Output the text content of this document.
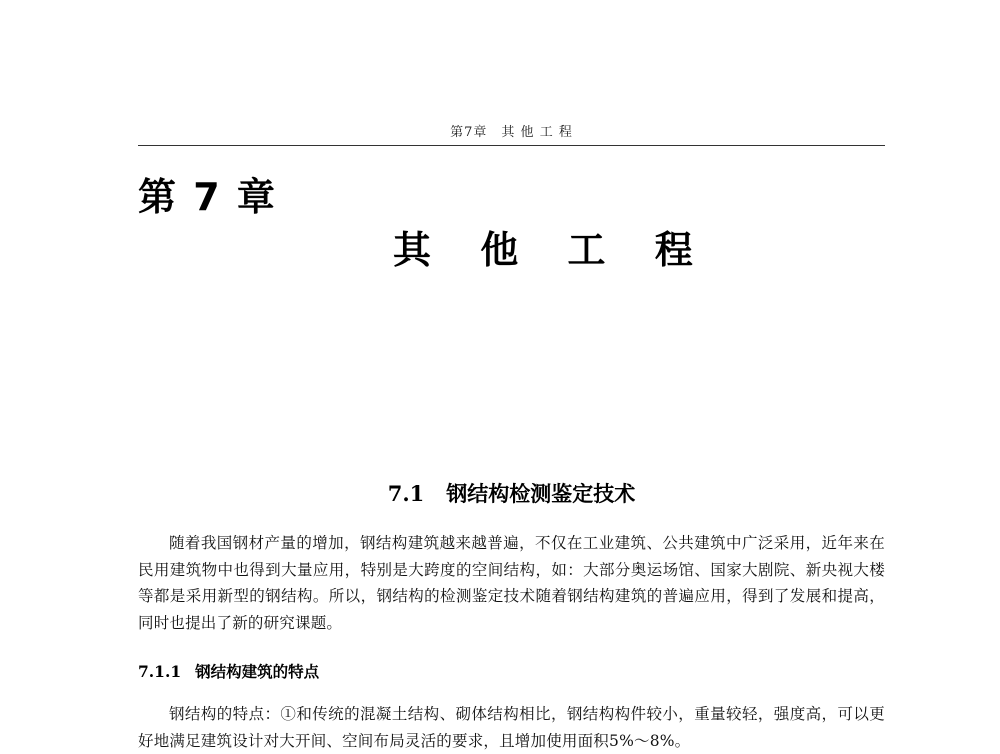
第7章　其 他 工 程
第 7 章
其 他 工 程
7.1 钢结构检测鉴定技术

随着我国钢材产量的增加，钢结构建筑越来越普遍，不仅在工业建筑、公共建筑中广泛采用，近年来在民用建筑物中也得到大量应用，特别是大跨度的空间结构，如：大部分奥运场馆、国家大剧院、新央视大楼等都是采用新型的钢结构。所以，钢结构的检测鉴定技术随着钢结构建筑的普遍应用，得到了发展和提高，同时也提出了新的研究课题。

7.1.1 钢结构建筑的特点

钢结构的特点：①和传统的混凝土结构、砌体结构相比，钢结构构件较小，重量较轻，强度高，可以更好地满足建筑设计对大开间、空间布局灵活的要求，且增加使用面积5%～8%。
